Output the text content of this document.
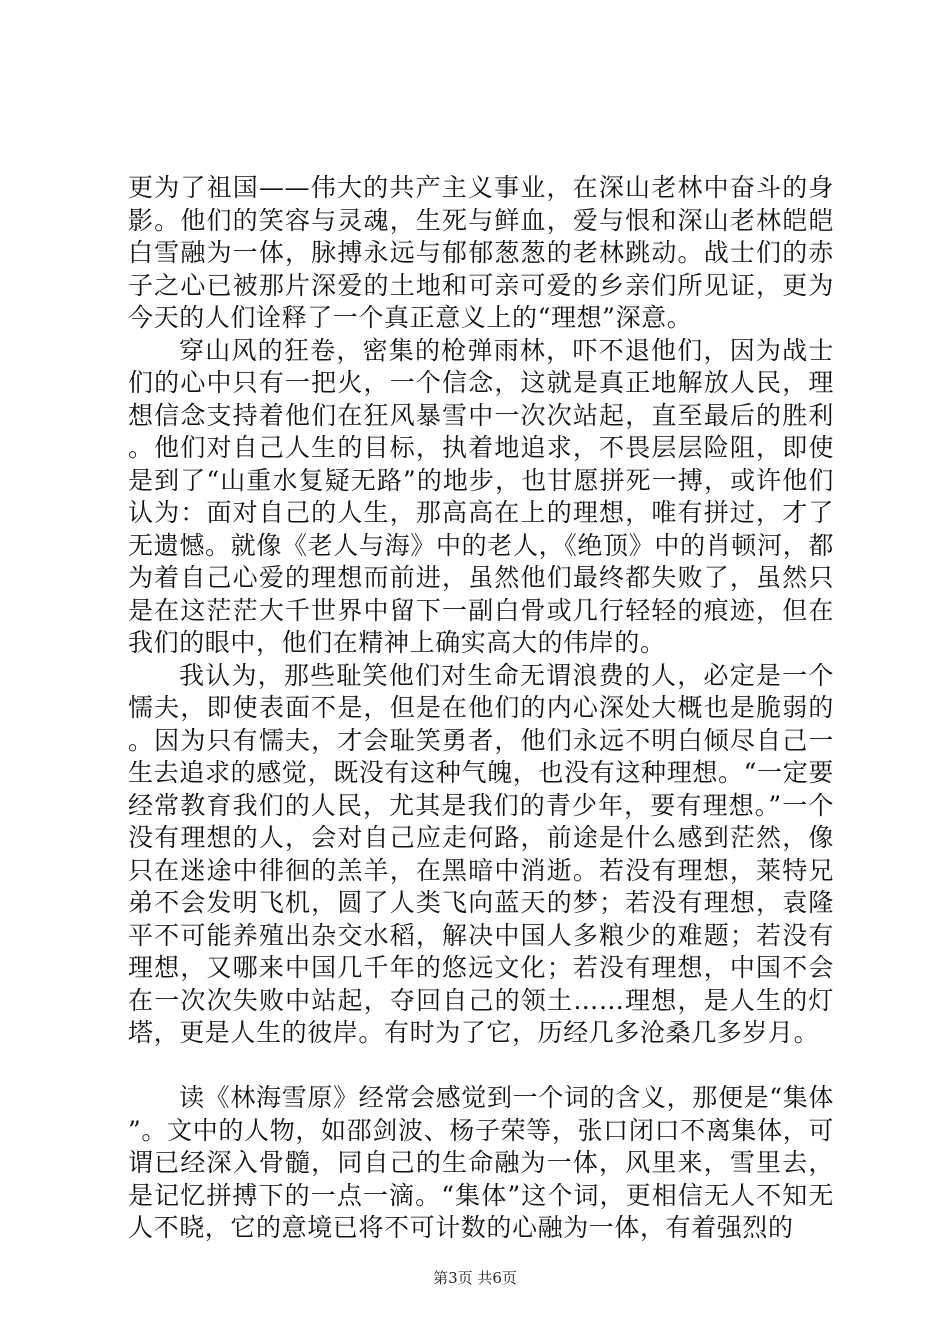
更为了祖国——伟大的共产主义事业，在深山老林中奋斗的身影。他们的笑容与灵魂，生死与鲜血，爱与恨和深山老林皑皑白雪融为一体，脉搏永远与郁郁葱葱的老林跳动。战士们的赤子之心已被那片深爱的土地和可亲可爱的乡亲们所见证，更为今天的人们诠释了一个真正意义上的“理想”深意。

穿山风的狂卷，密集的枪弹雨林，吓不退他们，因为战士们的心中只有一把火，一个信念，这就是真正地解放人民，理想信念支持着他们在狂风暴雪中一次次站起，直至最后的胜利。他们对自己人生的目标，执着地追求，不畏层层险阻，即使是到了“山重水复疑无路”的地步，也甘愿拼死一搏，或许他们认为：面对自己的人生，那高高在上的理想，唯有拼过，才了无遗憾。就像《老人与海》中的老人，《绝顶》中的肖顿河，都为着自己心爱的理想而前进，虽然他们最终都失败了，虽然只是在这茫茫大千世界中留下一副白骨或几行轻轻的痕迹，但在我们的眼中，他们在精神上确实高大的伟岸的。

我认为，那些耻笑他们对生命无谓浪费的人，必定是一个懦夫，即使表面不是，但是在他们的内心深处大概也是脆弱的。因为只有懦夫，才会耻笑勇者，他们永远不明白倾尽自己一生去追求的感觉，既没有这种气魄，也没有这种理想。“一定要经常教育我们的人民，尤其是我们的青少年，要有理想。”一个没有理想的人，会对自己应走何路，前途是什么感到茫然，像只在迷途中徘徊的羔羊，在黑暗中消逝。若没有理想，莱特兄弟不会发明飞机，圆了人类飞向蓝天的梦；若没有理想，袁隆平不可能养殖出杂交水稻，解决中国人多粮少的难题；若没有理想，又哪来中国几千年的悠远文化；若没有理想，中国不会在一次次失败中站起，夺回自己的领土……理想，是人生的灯塔，更是人生的彼岸。有时为了它，历经几多沧桑几多岁月。

读《林海雪原》经常会感觉到一个词的含义，那便是“集体”。文中的人物，如邵剑波、杨子荣等，张口闭口不离集体，可谓已经深入骨髓，同自己的生命融为一体，风里来，雪里去，是记忆拼搏下的一点一滴。“集体”这个词，更相信无人不知无人不晓，它的意境已将不可计数的心融为一体，有着强烈的

第3页 共6页
